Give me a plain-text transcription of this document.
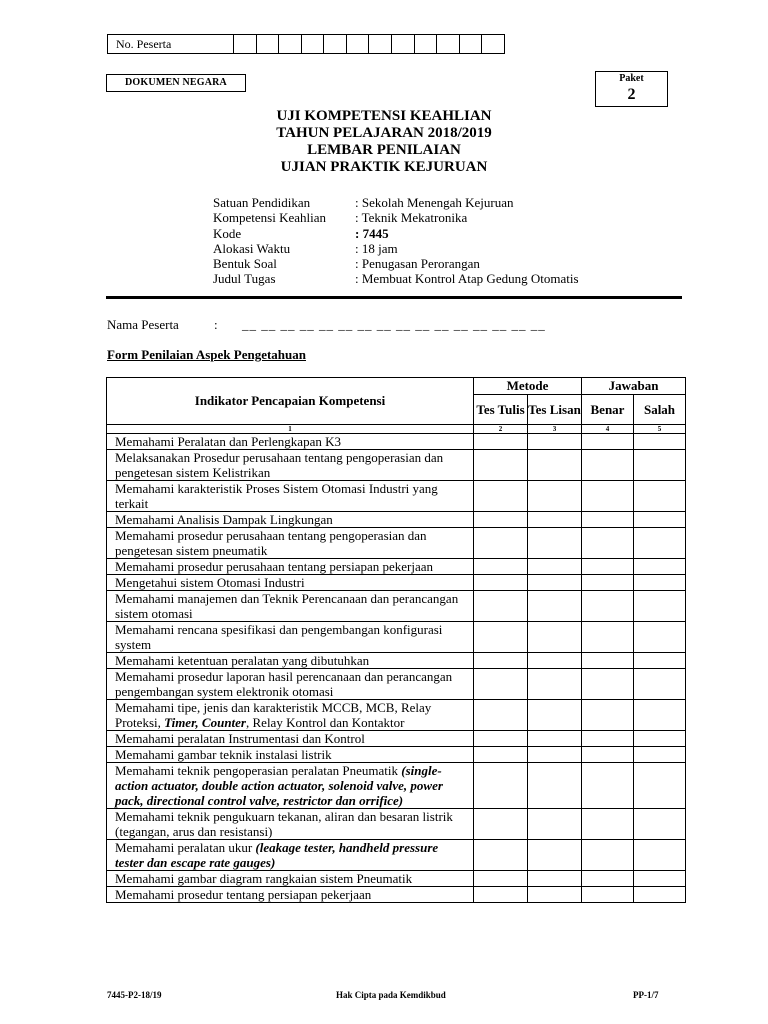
No. Peserta
DOKUMEN NEGARA	Paket
2
UJI KOMPETENSI KEAHLIAN
TAHUN PELAJARAN 2018/2019
LEMBAR PENILAIAN
UJIAN PRAKTIK KEJURUAN
Satuan Pendidikan	: Sekolah Menengah Kejuruan
Kompetensi Keahlian	: Teknik Mekatronika
Kode	: 7445
Alokasi Waktu	: 18 jam
Bentuk Soal	: Penugasan Perorangan
Judul Tugas	: Membuat Kontrol Atap Gedung Otomatis
Nama Peserta	:	__ __ __ __ __ __ __ __ __ __ __ __ __ __ __ __
Form Penilaian Aspek Pengetahuan
Indikator Pencapaian Kompetensi	Metode		Jawaban	
	Tes Tulis	Tes Lisan	Benar	Salah
1	2	3	4	5
Memahami Peralatan dan Perlengkapan K3				
Melaksanakan Prosedur perusahaan tentang pengoperasian dan pengetesan sistem Kelistrikan				
Memahami karakteristik Proses Sistem Otomasi Industri yang terkait				
Memahami Analisis Dampak Lingkungan				
Memahami prosedur perusahaan tentang pengoperasian dan pengetesan sistem pneumatik				
Memahami prosedur perusahaan tentang persiapan pekerjaan				
Mengetahui sistem Otomasi Industri				
Memahami manajemen dan Teknik Perencanaan dan perancangan sistem otomasi				
Memahami rencana spesifikasi dan pengembangan konfigurasi system				
Memahami ketentuan peralatan yang dibutuhkan				
Memahami prosedur laporan hasil perencanaan dan perancangan pengembangan system elektronik otomasi				
Memahami tipe, jenis dan karakteristik MCCB, MCB, Relay Proteksi, Timer, Counter, Relay Kontrol dan Kontaktor				
Memahami peralatan Instrumentasi dan Kontrol				
Memahami gambar teknik instalasi listrik				
Memahami teknik pengoperasian peralatan Pneumatik (single-action actuator, double action actuator, solenoid valve, power pack, directional control valve, restrictor dan orrifice)				
Memahami teknik pengukuarn tekanan, aliran dan besaran listrik (tegangan, arus dan resistansi)				
Memahami peralatan ukur (leakage tester, handheld pressure tester dan escape rate gauges)				
Memahami gambar diagram rangkaian sistem Pneumatik				
Memahami prosedur tentang persiapan pekerjaan				
7445-P2-18/19	Hak Cipta pada Kemdikbud	PP-1/7
